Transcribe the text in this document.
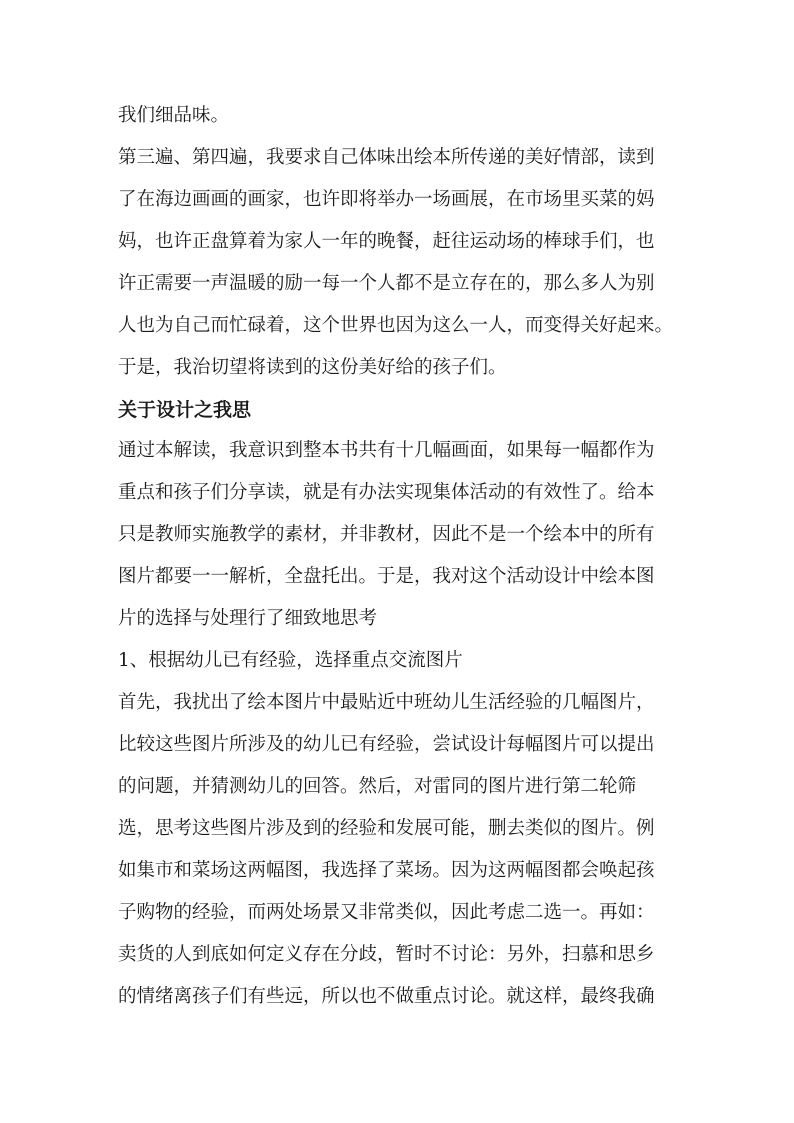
我们细品味。

第三遍、第四遍，我要求自己体味出绘本所传递的美好情部，读到

了在海边画画的画家，也许即将举办一场画展，在市场里买菜的妈

妈，也许正盘算着为家人一年的晚餐，赶往运动场的棒球手们，也

许正需要一声温暖的励一每一个人都不是立存在的，那么多人为别

人也为自己而忙碌着，这个世界也因为这么一人，而变得关好起来。

于是，我治切望将读到的这份美好给的孩子们。

关于设计之我思

通过本解读，我意识到整本书共有十几幅画面，如果每一幅都作为

重点和孩子们分享读，就是有办法实现集体活动的有效性了。给本

只是教师实施教学的素材，并非教材，因此不是一个绘本中的所有

图片都要一一解析，全盘托出。于是，我对这个活动设计中绘本图

片的选择与处理行了细致地思考

1、根据幼儿已有经验，选择重点交流图片

首先，我扰出了绘本图片中最贴近中班幼儿生活经验的几幅图片，

比较这些图片所涉及的幼儿已有经验，尝试设计每幅图片可以提出

的问题，并猜测幼儿的回答。然后，对雷同的图片进行第二轮筛

选，思考这些图片涉及到的经验和发展可能，删去类似的图片。例

如集市和菜场这两幅图，我选择了菜场。因为这两幅图都会唤起孩

子购物的经验，而两处场景又非常类似，因此考虑二选一。再如：

卖货的人到底如何定义存在分歧，暂时不讨论：另外，扫慕和思乡

的情绪离孩子们有些远，所以也不做重点讨论。就这样，最终我确
